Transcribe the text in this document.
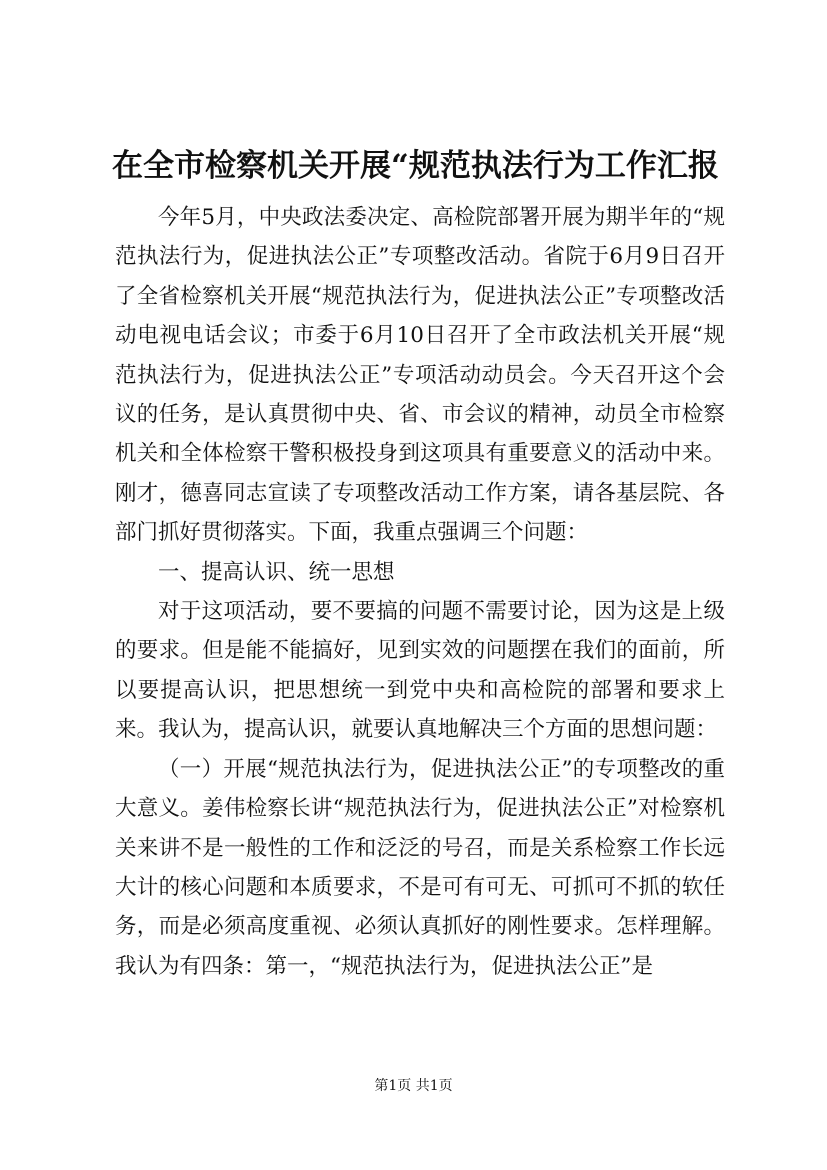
在全市检察机关开展“规范执法行为工作汇报

今年5月，中央政法委决定、高检院部署开展为期半年的“规范执法行为，促进执法公正”专项整改活动。省院于6月9日召开了全省检察机关开展“规范执法行为，促进执法公正”专项整改活动电视电话会议；市委于6月10日召开了全市政法机关开展“规范执法行为，促进执法公正”专项活动动员会。今天召开这个会议的任务，是认真贯彻中央、省、市会议的精神，动员全市检察机关和全体检察干警积极投身到这项具有重要意义的活动中来。刚才，德喜同志宣读了专项整改活动工作方案，请各基层院、各部门抓好贯彻落实。下面，我重点强调三个问题：

一、提高认识、统一思想

对于这项活动，要不要搞的问题不需要讨论，因为这是上级的要求。但是能不能搞好，见到实效的问题摆在我们的面前，所以要提高认识，把思想统一到党中央和高检院的部署和要求上来。我认为，提高认识，就要认真地解决三个方面的思想问题：

（一）开展“规范执法行为，促进执法公正”的专项整改的重大意义。姜伟检察长讲“规范执法行为，促进执法公正”对检察机关来讲不是一般性的工作和泛泛的号召，而是关系检察工作长远大计的核心问题和本质要求，不是可有可无、可抓可不抓的软任务，而是必须高度重视、必须认真抓好的刚性要求。怎样理解。我认为有四条：第一，“规范执法行为，促进执法公正”是

第1页 共1页
